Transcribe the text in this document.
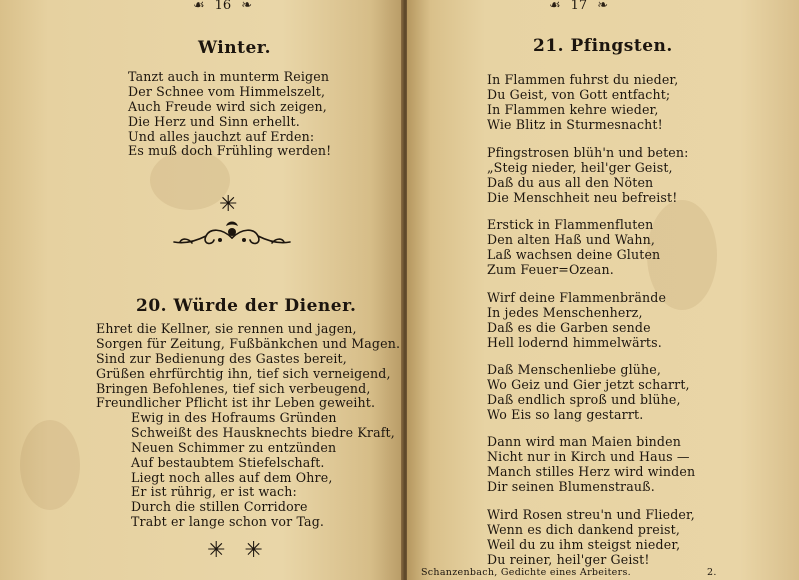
☙ 16 ❧
Winter.
Tanzt auch in munterm Reigen
Der Schnee vom Himmelszelt,
Auch Freude wird sich zeigen,
Die Herz und Sinn erhellt.
Und alles jauchzt auf Erden:
Es muß doch Frühling werden!
✳
20. Würde der Diener.
Ehret die Kellner, sie rennen und jagen,
Sorgen für Zeitung, Fußbänkchen und Magen.
Sind zur Bedienung des Gastes bereit,
Grüßen ehrfürchtig ihn, tief sich verneigend,
Bringen Befohlenes, tief sich verbeugend,
Freundlicher Pflicht ist ihr Leben geweiht.
Ewig in des Hofraums Gründen
Schweißt des Hausknechts biedre Kraft,
Neuen Schimmer zu entzünden
Auf bestaubtem Stiefelschaft.
Liegt noch alles auf dem Ohre,
Er ist rührig, er ist wach:
Durch die stillen Corridore
Trabt er lange schon vor Tag.
✳ ✳
☙ 17 ❧
21. Pfingsten.
In Flammen fuhrst du nieder,
Du Geist, von Gott entfacht;
In Flammen kehre wieder,
Wie Blitz in Sturmesnacht!
Pfingstrosen blüh'n und beten:
„Steig nieder, heil'ger Geist,
Daß du aus all den Nöten
Die Menschheit neu befreist!
Erstick in Flammenfluten
Den alten Haß und Wahn,
Laß wachsen deine Gluten
Zum Feuer=Ozean.
Wirf deine Flammenbrände
In jedes Menschenherz,
Daß es die Garben sende
Hell lodernd himmelwärts.
Daß Menschenliebe glühe,
Wo Geiz und Gier jetzt scharrt,
Daß endlich sproß und blühe,
Wo Eis so lang gestarrt.
Dann wird man Maien binden
Nicht nur in Kirch und Haus —
Manch stilles Herz wird winden
Dir seinen Blumenstrauß.
Wird Rosen streu'n und Flieder,
Wenn es dich dankend preist,
Weil du zu ihm steigst nieder,
Du reiner, heil'ger Geist!
Schanzenbach, Gedichte eines Arbeiters.	2.
